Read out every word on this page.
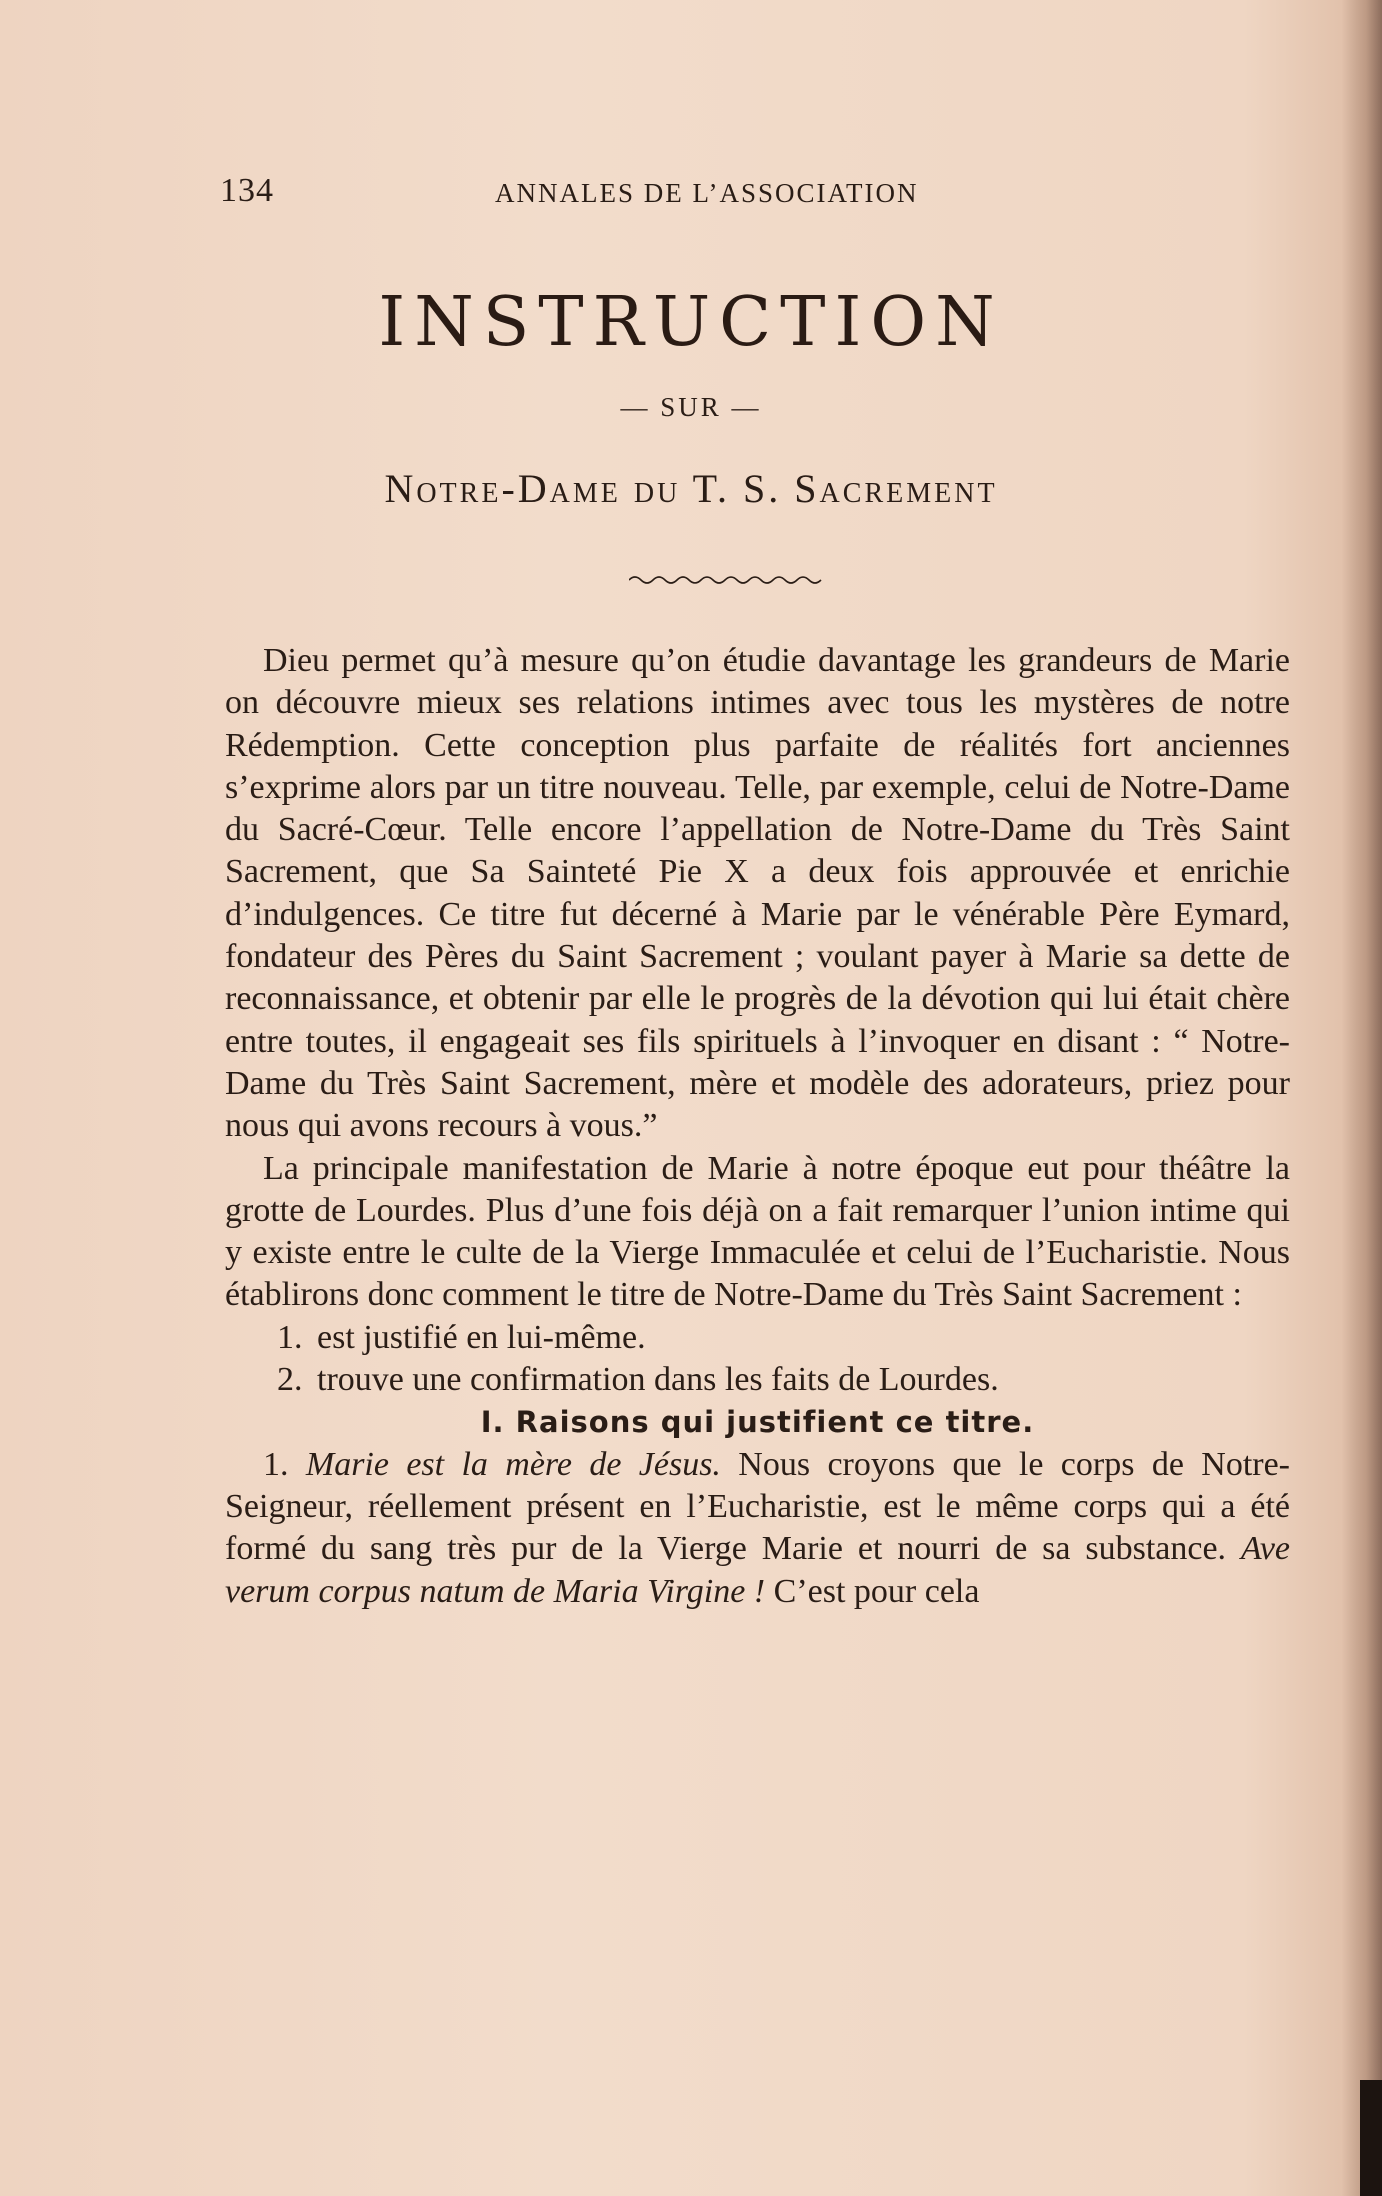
134	ANNALES DE L’ASSOCIATION
INSTRUCTION
— SUR —
Notre-Dame du T. S. Sacrement

Dieu permet qu’à mesure qu’on étudie davantage les grandeurs de Marie on découvre mieux ses relations intimes avec tous les mystères de notre Rédemption. Cette conception plus parfaite de réalités fort anciennes s’exprime alors par un titre nouveau. Telle, par exemple, celui de Notre-Dame du Sacré-Cœur. Telle encore l’appellation de Notre-Dame du Très Saint Sacrement, que Sa Sainteté Pie X a deux fois approuvée et enrichie d’indulgences. Ce titre fut décerné à Marie par le vénérable Père Eymard, fondateur des Pères du Saint Sacrement ; voulant payer à Marie sa dette de reconnaissance, et obtenir par elle le progrès de la dévotion qui lui était chère entre toutes, il engageait ses fils spirituels à l’invoquer en disant : “ Notre-Dame du Très Saint Sacrement, mère et modèle des adorateurs, priez pour nous qui avons recours à vous.”

La principale manifestation de Marie à notre époque eut pour théâtre la grotte de Lourdes. Plus d’une fois déjà on a fait remarquer l’union intime qui y existe entre le culte de la Vierge Immaculée et celui de l’Eucharistie. Nous établirons donc comment le titre de Notre-Dame du Très Saint Sacrement :

1. est justifié en lui-même.

2. trouve une confirmation dans les faits de Lourdes.

I. Raisons qui justifient ce titre.

1. Marie est la mère de Jésus. Nous croyons que le corps de Notre-Seigneur, réellement présent en l’Eucharistie, est le même corps qui a été formé du sang très pur de la Vierge Marie et nourri de sa substance. Ave verum corpus natum de Maria Virgine ! C’est pour cela
